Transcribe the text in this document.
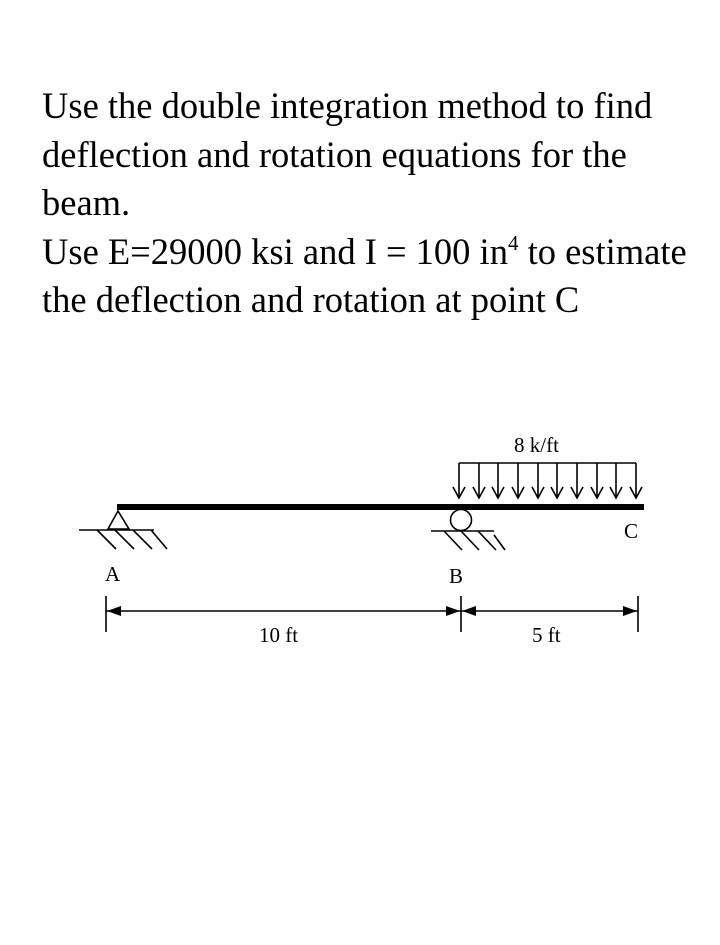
Use the double integration method to find deflection and rotation equations for the beam.

Use E=29000 ksi and I = 100 $in^4$ to estimate the deflection and rotation at point C

8 k/ft
A	B
C
10 ft	5 ft
